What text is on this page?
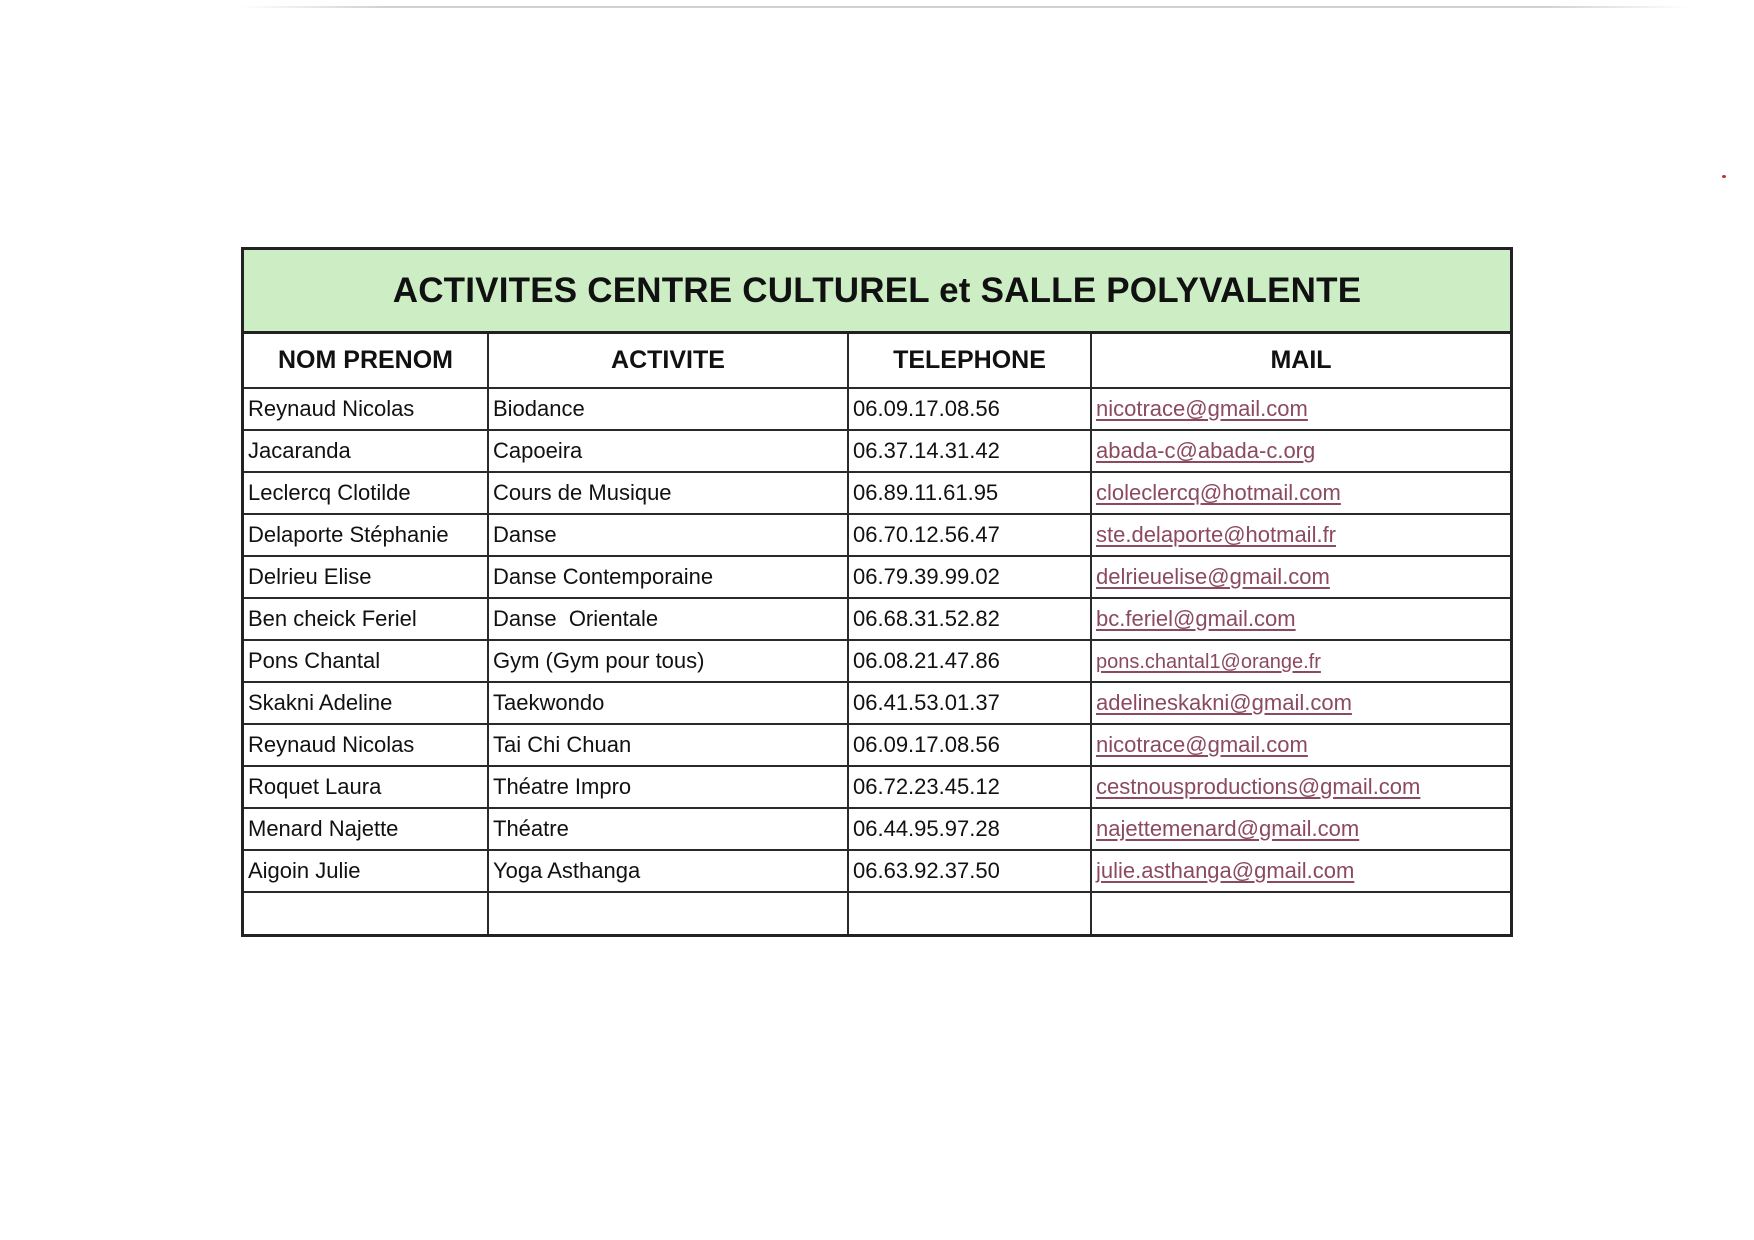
ACTIVITES CENTRE CULTUREL et SALLE POLYVALENTE
NOM PRENOM	ACTIVITE	TELEPHONE	MAIL
Reynaud Nicolas	Biodance	06.09.17.08.56	nicotrace@gmail.com
Jacaranda	Capoeira	06.37.14.31.42	abada-c@abada-c.org
Leclercq Clotilde	Cours de Musique	06.89.11.61.95	cloleclercq@hotmail.com
Delaporte Stéphanie	Danse	06.70.12.56.47	ste.delaporte@hotmail.fr
Delrieu Elise	Danse Contemporaine	06.79.39.99.02	delrieuelise@gmail.com
Ben cheick Feriel	Danse  Orientale	06.68.31.52.82	bc.feriel@gmail.com
Pons Chantal	Gym (Gym pour tous)	06.08.21.47.86	pons.chantal1@orange.fr
Skakni Adeline	Taekwondo	06.41.53.01.37	adelineskakni@gmail.com
Reynaud Nicolas	Tai Chi Chuan	06.09.17.08.56	nicotrace@gmail.com
Roquet Laura	Théatre Impro	06.72.23.45.12	cestnousproductions@gmail.com
Menard Najette	Théatre	06.44.95.97.28	najettemenard@gmail.com
Aigoin Julie	Yoga Asthanga	06.63.92.37.50	julie.asthanga@gmail.com
